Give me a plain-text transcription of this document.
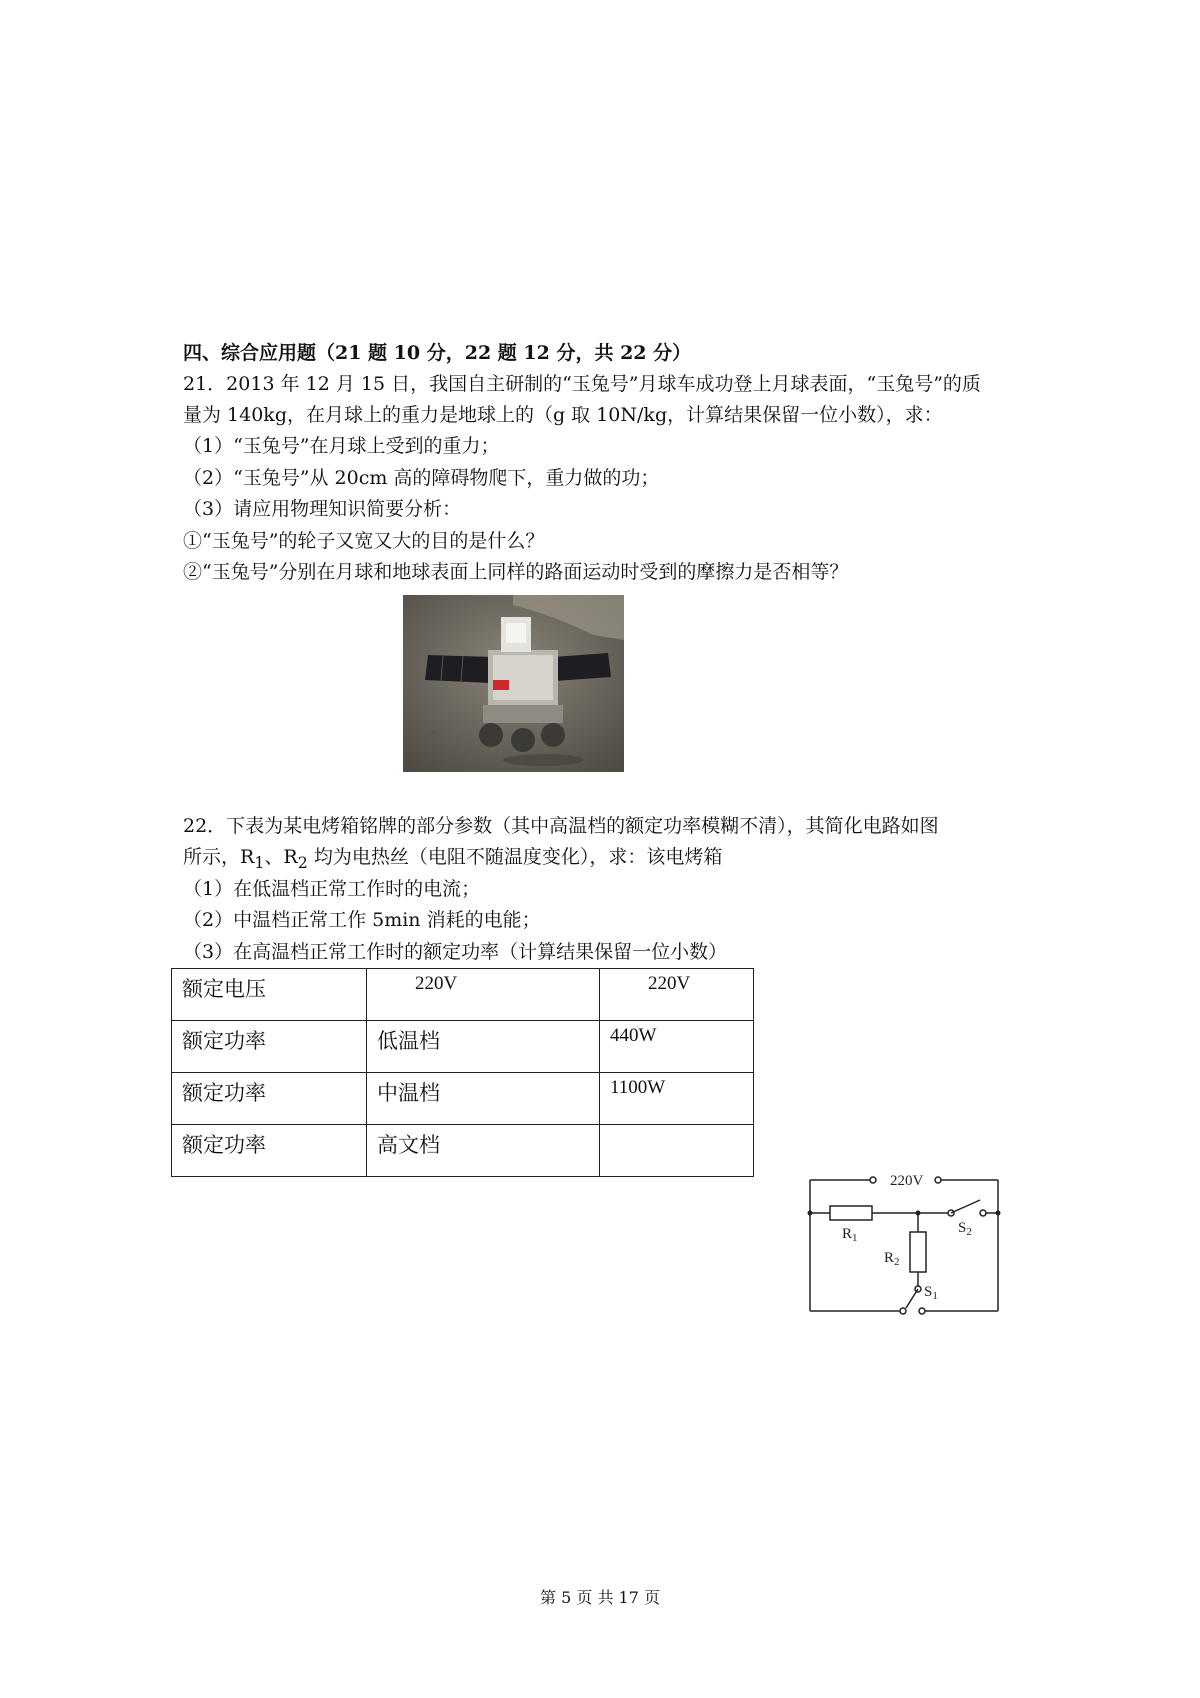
四、综合应用题（21 题 10 分，22 题 12 分，共 22 分）
21．2013 年 12 月 15 日，我国自主研制的“玉兔号”月球车成功登上月球表面，“玉兔号”的质
量为 140kg，在月球上的重力是地球上的（g 取 10N/kg，计算结果保留一位小数），求：
（1）“玉兔号”在月球上受到的重力；
（2）“玉兔号”从 20cm 高的障碍物爬下，重力做的功；
（3）请应用物理知识简要分析：
①“玉兔号”的轮子又宽又大的目的是什么？
②“玉兔号”分别在月球和地球表面上同样的路面运动时受到的摩擦力是否相等？
22．下表为某电烤箱铭牌的部分参数（其中高温档的额定功率模糊不清），其简化电路如图
所示，$R_1$、$R_2$ 均为电热丝（电阻不随温度变化），求：该电烤箱
（1）在低温档正常工作时的电流；
（2）中温档正常工作 5min 消耗的电能；
（3）在高温档正常工作时的额定功率（计算结果保留一位小数）
额定电压	220V	220V
额定功率	低温档	440W
额定功率	中温档	1100W
额定功率	高文档	
220V
$R_1$
$R_2$
$S_2$
$S_1$
第 5 页 共 17 页
